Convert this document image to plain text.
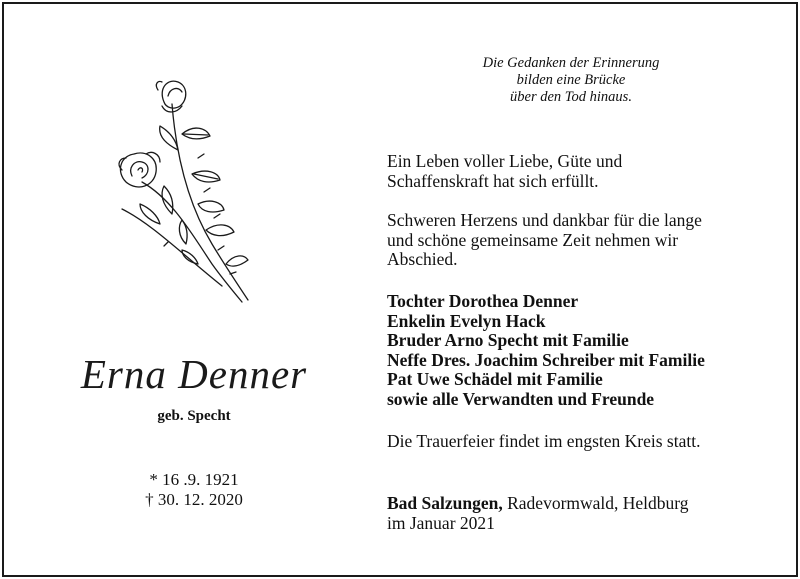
Erna Denner
geb. Specht
* 16 .9. 1921
† 30. 12. 2020
Die Gedanken der Erinnerung
bilden eine Brücke
über den Tod hinaus.
Ein Leben voller Liebe, Güte und
Schaffenskraft hat sich erfüllt.
Schweren Herzens und dankbar für die lange
und schöne gemeinsame Zeit nehmen wir
Abschied.
Tochter Dorothea Denner
Enkelin Evelyn Hack
Bruder Arno Specht mit Familie
Neffe Dres. Joachim Schreiber mit Familie
Pat Uwe Schädel mit Familie
sowie alle Verwandten und Freunde
Die Trauerfeier findet im engsten Kreis statt.
Bad Salzungen, Radevormwald, Heldburg
im Januar 2021
